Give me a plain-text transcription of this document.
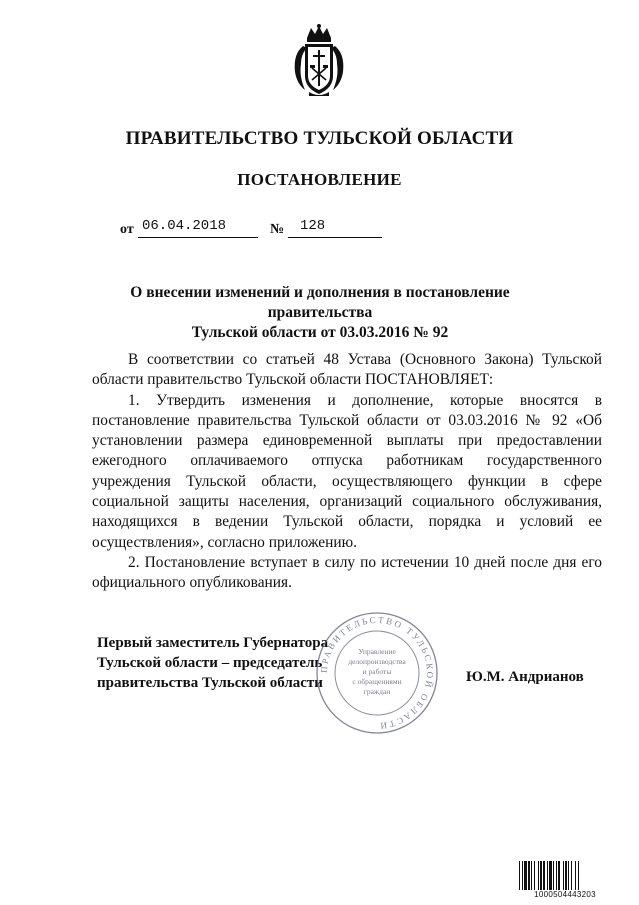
ПРАВИТЕЛЬСТВО ТУЛЬСКОЙ ОБЛАСТИ
ПОСТАНОВЛЕНИЕ
от 06.04.2018	№ 128
О внесении изменений и дополнения в постановление правительства
Тульской области от 03.03.2016 № 92

В соответствии со статьей 48 Устава (Основного Закона) Тульской области правительство Тульской области ПОСТАНОВЛЯЕТ:

1. Утвердить изменения и дополнение, которые вносятся в постановление правительства Тульской области от 03.03.2016 № 92 «Об установлении размера единовременной выплаты при предоставлении ежегодного оплачиваемого отпуска работникам государственного учреждения Тульской области, осуществляющего функции в сфере социальной защиты населения, организаций социального обслуживания, находящихся в ведении Тульской области, порядка и условий ее осуществления», согласно приложению.

2. Постановление вступает в силу по истечении 10 дней после дня его официального опубликования.

Первый заместитель Губернатора
Тульской области – председатель
правительства Тульской области	Ю.М. Андрианов
ПРАВИТЕЛЬСТВО ТУЛЬСКОЙ ОБЛАСТИ
Управление
делопроизводства
и работы
с обращениями
граждан
1000504443203
